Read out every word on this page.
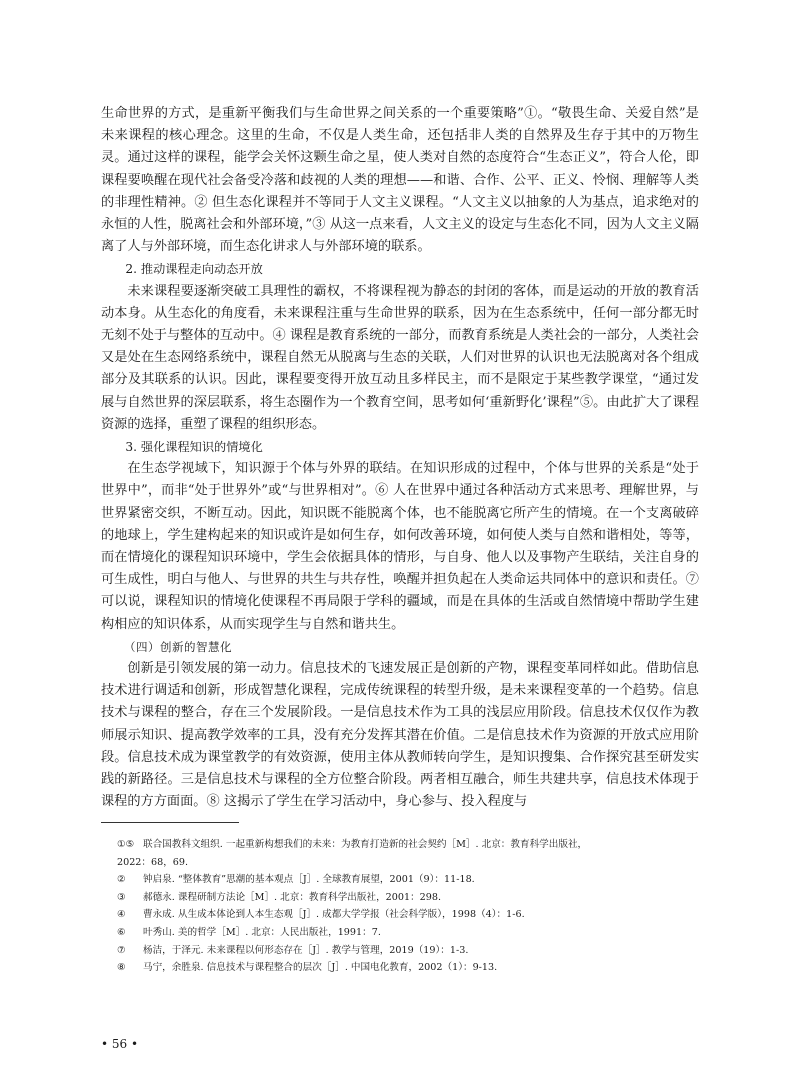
生命世界的方式，是重新平衡我们与生命世界之间关系的一个重要策略”①。“敬畏生命、关爱自然”是未来课程的核心理念。这里的生命，不仅是人类生命，还包括非人类的自然界及生存于其中的万物生灵。通过这样的课程，能学会关怀这颗生命之星，使人类对自然的态度符合“生态正义”，符合人伦，即课程要唤醒在现代社会备受冷落和歧视的人类的理想——和谐、合作、公平、正义、怜悯、理解等人类的非理性精神。② 但生态化课程并不等同于人文主义课程。“人文主义以抽象的人为基点，追求绝对的永恒的人性，脱离社会和外部环境，”③ 从这一点来看，人文主义的设定与生态化不同，因为人文主义隔离了人与外部环境，而生态化讲求人与外部环境的联系。

2. 推动课程走向动态开放

未来课程要逐渐突破工具理性的霸权，不将课程视为静态的封闭的客体，而是运动的开放的教育活动本身。从生态化的角度看，未来课程注重与生命世界的联系，因为在生态系统中，任何一部分都无时无刻不处于与整体的互动中。④ 课程是教育系统的一部分，而教育系统是人类社会的一部分，人类社会又是处在生态网络系统中，课程自然无从脱离与生态的关联，人们对世界的认识也无法脱离对各个组成部分及其联系的认识。因此，课程要变得开放互动且多样民主，而不是限定于某些教学课堂，“通过发展与自然世界的深层联系，将生态圈作为一个教育空间，思考如何‘重新野化’课程”⑤。由此扩大了课程资源的选择，重塑了课程的组织形态。

3. 强化课程知识的情境化

在生态学视域下，知识源于个体与外界的联结。在知识形成的过程中，个体与世界的关系是“处于世界中”，而非“处于世界外”或“与世界相对”。⑥ 人在世界中通过各种活动方式来思考、理解世界，与世界紧密交织，不断互动。因此，知识既不能脱离个体，也不能脱离它所产生的情境。在一个支离破碎的地球上，学生建构起来的知识或许是如何生存，如何改善环境，如何使人类与自然和谐相处，等等，而在情境化的课程知识环境中，学生会依据具体的情形，与自身、他人以及事物产生联结，关注自身的可生成性，明白与他人、与世界的共生与共存性，唤醒并担负起在人类命运共同体中的意识和责任。⑦ 可以说，课程知识的情境化使课程不再局限于学科的疆域，而是在具体的生活或自然情境中帮助学生建构相应的知识体系，从而实现学生与自然和谐共生。

（四）创新的智慧化

创新是引领发展的第一动力。信息技术的飞速发展正是创新的产物，课程变革同样如此。借助信息技术进行调适和创新，形成智慧化课程，完成传统课程的转型升级，是未来课程变革的一个趋势。信息技术与课程的整合，存在三个发展阶段。一是信息技术作为工具的浅层应用阶段。信息技术仅仅作为教师展示知识、提高教学效率的工具，没有充分发挥其潜在价值。二是信息技术作为资源的开放式应用阶段。信息技术成为课堂教学的有效资源，使用主体从教师转向学生，是知识搜集、合作探究甚至研发实践的新路径。三是信息技术与课程的全方位整合阶段。两者相互融合，师生共建共享，信息技术体现于课程的方方面面。⑧ 这揭示了学生在学习活动中，身心参与、投入程度与

①⑤ 联合国教科文组织. 一起重新构想我们的未来：为教育打造新的社会契约［M］. 北京：教育科学出版社，

2022：68，69.

②	钟启泉. “整体教育”思潮的基本观点［J］. 全球教育展望，2001（9）：11-18.
③	郝德永. 课程研制方法论［M］. 北京：教育科学出版社，2001：298.
④	曹永成. 从生成本体论到人本生态观［J］. 成都大学学报（社会科学版），1998（4）：1-6.
⑥	叶秀山. 美的哲学［M］. 北京：人民出版社，1991：7.
⑦	杨洁，于泽元. 未来课程以何形态存在［J］. 教学与管理，2019（19）：1-3.
⑧	马宁，余胜泉. 信息技术与课程整合的层次［J］. 中国电化教育，2002（1）：9-13.
• 56 •
